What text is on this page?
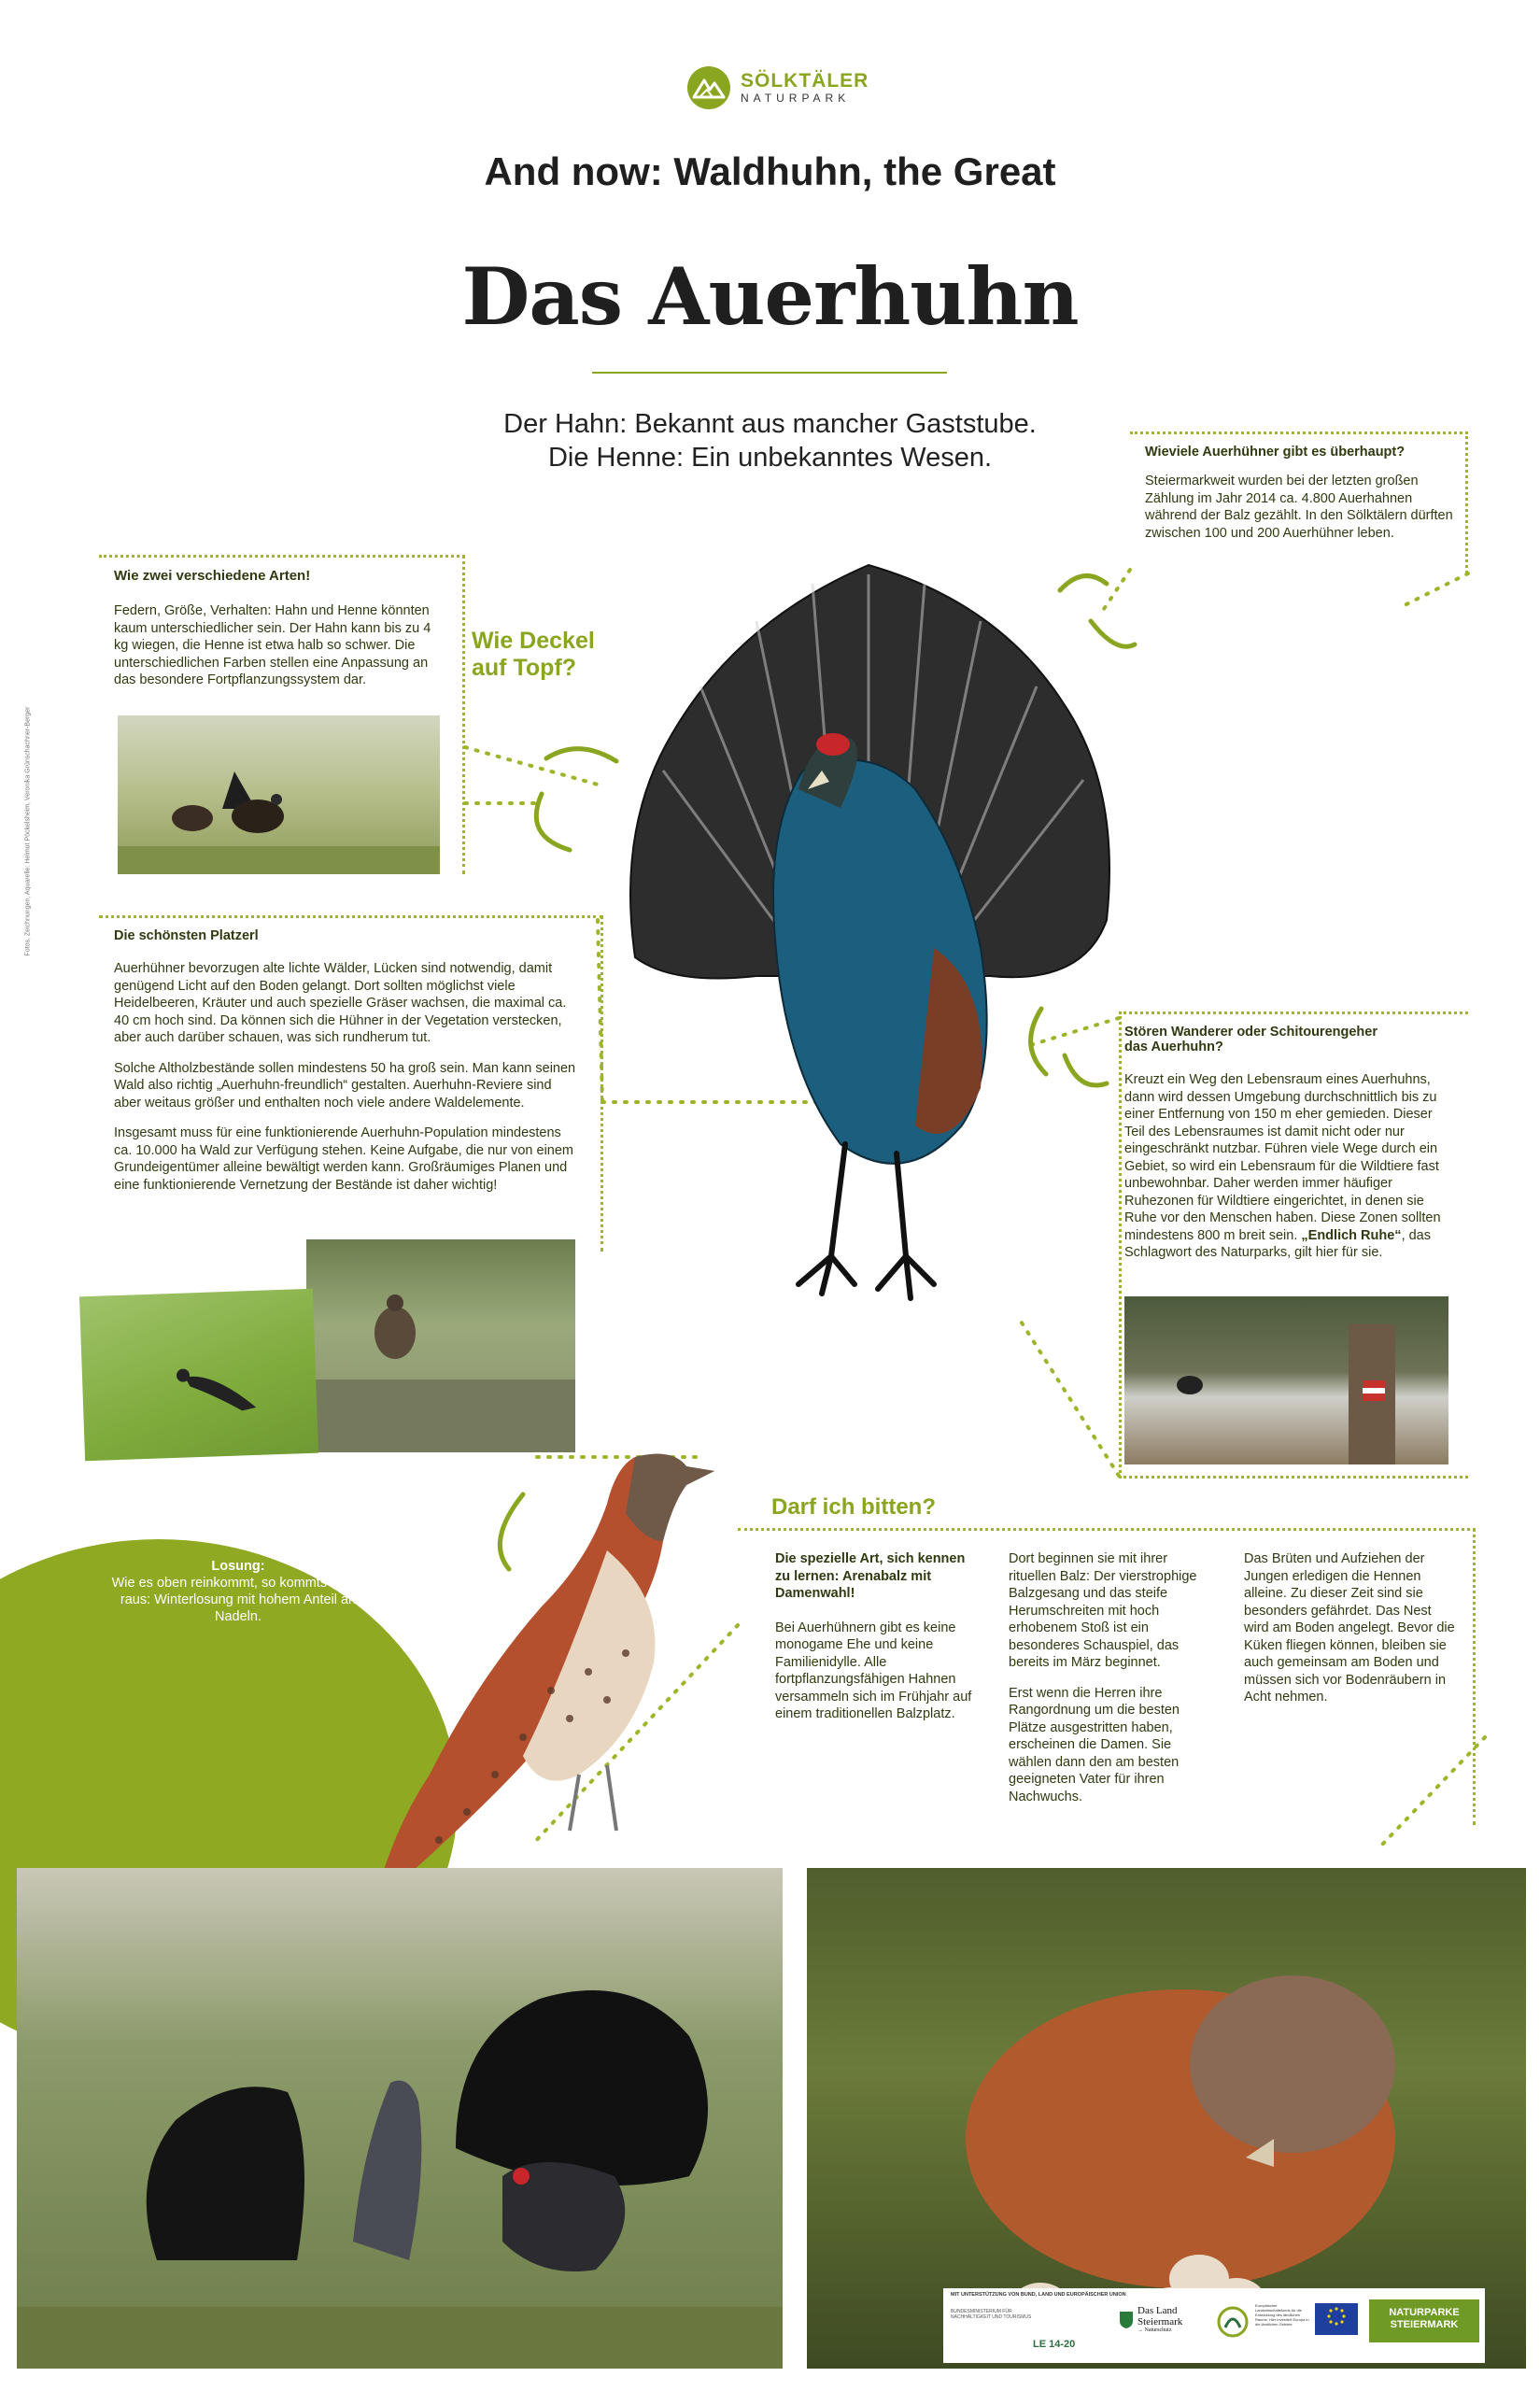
SÖLKTÄLER
NATURPARK
And now: Waldhuhn, the Great
Das Auerhuhn
Der Hahn: Bekannt aus mancher Gaststube.
Die Henne: Ein unbekanntes Wesen.
Fotos, Zeichnungen, Aquarelle: Helmut Pöckelsheim, Veronika Grünschachner-Berger
Wie zwei verschiedene Arten!
Federn, Größe, Verhalten: Hahn und Henne könnten kaum unterschiedlicher sein. Der Hahn kann bis zu 4 kg wiegen, die Henne ist etwa halb so schwer. Die unterschiedlichen Farben stellen eine Anpassung an das besondere Fortpflanzungssystem dar.
Wie Deckel
auf Topf?
Wieviele Auerhühner gibt es überhaupt?
Steiermarkweit wurden bei der letzten großen Zählung im Jahr 2014 ca. 4.800 Auerhahnen während der Balz gezählt. In den Sölktälern dürften zwischen 100 und 200 Auerhühner leben.
Die schönsten Platzerl

Auerhühner bevorzugen alte lichte Wälder, Lücken sind notwendig, damit genügend Licht auf den Boden gelangt. Dort sollten möglichst viele Heidelbeeren, Kräuter und auch spezielle Gräser wachsen, die maximal ca. 40 cm hoch sind. Da können sich die Hühner in der Vegetation verstecken, aber auch darüber schauen, was sich rundherum tut.

Solche Altholzbestände sollen mindestens 50 ha groß sein. Man kann seinen Wald also richtig „Auerhuhn-freundlich“ gestalten. Auerhuhn-Reviere sind aber weitaus größer und enthalten noch viele andere Waldelemente.

Insgesamt muss für eine funktionierende Auerhuhn-Population mindestens ca. 10.000 ha Wald zur Verfügung stehen. Keine Aufgabe, die nur von einem Grundeigentümer alleine bewältigt werden kann. Großräumiges Planen und eine funktionierende Vernetzung der Bestände ist daher wichtig!

Stören Wanderer oder Schitourengeher
das Auerhuhn?
Kreuzt ein Weg den Lebensraum eines Auerhuhns, dann wird dessen Umgebung durchschnittlich bis zu einer Entfernung von 150 m eher gemieden. Dieser Teil des Lebensraumes ist damit nicht oder nur eingeschränkt nutzbar. Führen viele Wege durch ein Gebiet, so wird ein Lebensraum für die Wildtiere fast unbewohnbar. Daher werden immer häufiger Ruhezonen für Wildtiere eingerichtet, in denen sie Ruhe vor den Menschen haben. Diese Zonen sollten mindestens 800 m breit sein. „Endlich Ruhe“, das Schlagwort des Naturparks, gilt hier für sie.
Losung:
Wie es oben reinkommt, so kommts unten raus: Winterlosung mit hohem Anteil an Nadeln.
Darf ich bitten?
Die spezielle Art, sich kennen zu lernen: Arenabalz mit Damenwahl!
Bei Auerhühnern gibt es keine monogame Ehe und keine Familienidylle. Alle fortpflanzungsfähigen Hahnen versammeln sich im Frühjahr auf einem traditionellen Balzplatz.

Dort beginnen sie mit ihrer rituellen Balz: Der vierstrophige Balzgesang und das steife Herumschreiten mit hoch erhobenem Stoß ist ein besonderes Schauspiel, das bereits im März beginnet.

Erst wenn die Herren ihre Rangordnung um die besten Plätze ausgestritten haben, erscheinen die Damen. Sie wählen dann den am besten geeigneten Vater für ihren Nachwuchs.

Das Brüten und Aufziehen der Jungen erledigen die Hennen alleine. Zu dieser Zeit sind sie besonders gefährdet. Das Nest wird am Boden angelegt. Bevor die Küken fliegen können, bleiben sie auch gemeinsam am Boden und müssen sich vor Bodenräubern in Acht nehmen.
MIT UNTERSTÜTZUNG VON BUND, LAND UND EUROPÄISCHER UNION
BUNDESMINISTERIUM FÜR NACHHALTIGKEIT UND TOURISMUS
LE 14-20
Das Land
Steiermark
→ Naturschutz
Europäischer Landwirtschaftsfonds für die Entwicklung des ländlichen Raums: Hier investiert Europa in die ländlichen Gebiete
NATURPARKE
STEIERMARK
